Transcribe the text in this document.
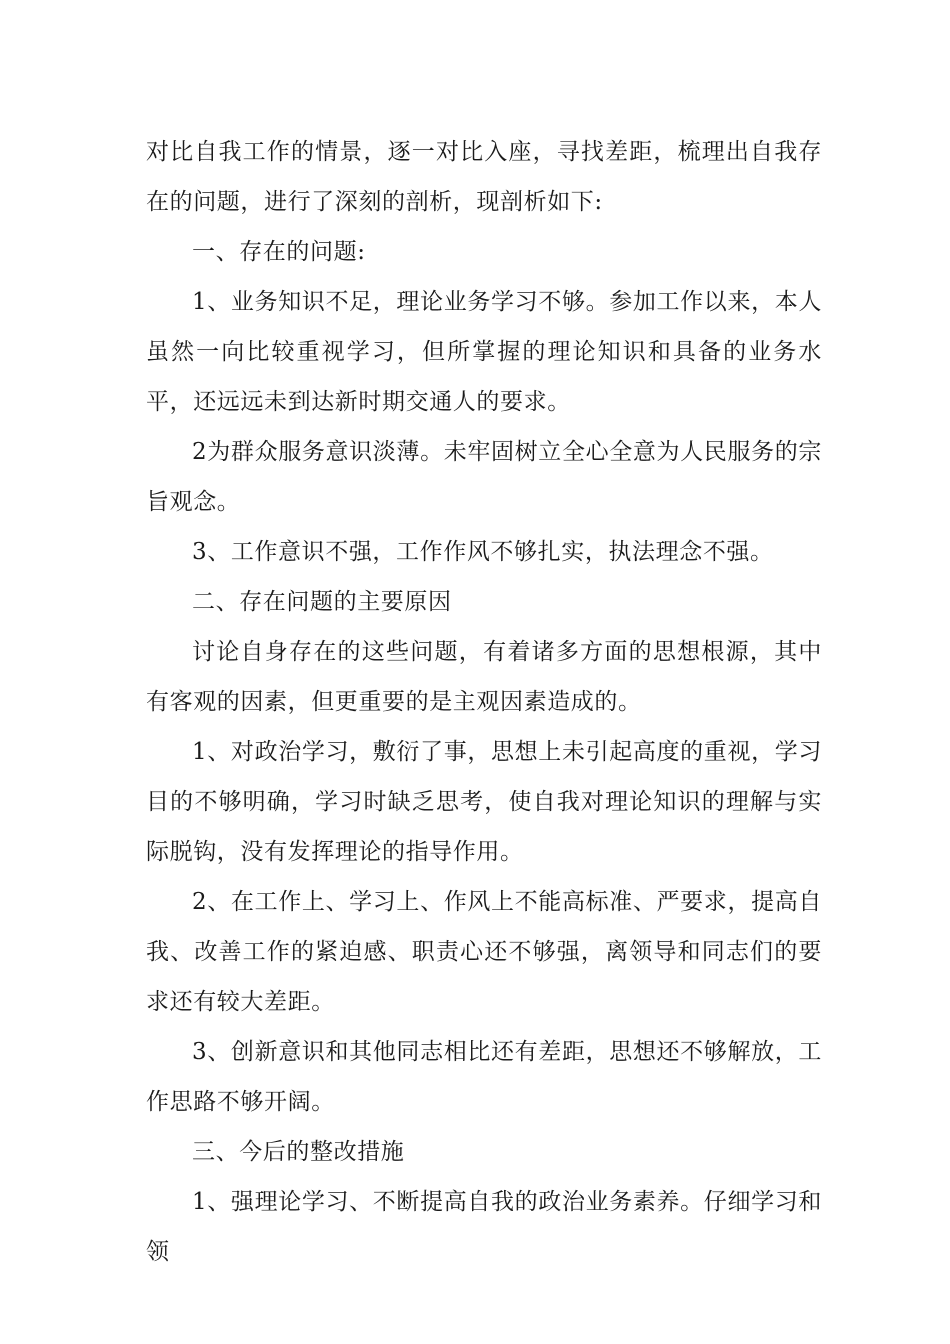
对比自我工作的情景，逐一对比入座，寻找差距，梳理出自我存在的问题，进行了深刻的剖析，现剖析如下:

一、存在的问题:

1、业务知识不足，理论业务学习不够。参加工作以来，本人虽然一向比较重视学习，但所掌握的理论知识和具备的业务水平，还远远未到达新时期交通人的要求。

2为群众服务意识淡薄。未牢固树立全心全意为人民服务的宗旨观念。

3、工作意识不强，工作作风不够扎实，执法理念不强。

二、存在问题的主要原因

讨论自身存在的这些问题，有着诸多方面的思想根源，其中有客观的因素，但更重要的是主观因素造成的。

1、对政治学习，敷衍了事，思想上未引起高度的重视，学习目的不够明确，学习时缺乏思考，使自我对理论知识的理解与实际脱钩，没有发挥理论的指导作用。

2、在工作上、学习上、作风上不能高标准、严要求，提高自我、改善工作的紧迫感、职责心还不够强，离领导和同志们的要求还有较大差距。

3、创新意识和其他同志相比还有差距，思想还不够解放，工作思路不够开阔。

三、今后的整改措施

1、强理论学习、不断提高自我的政治业务素养。仔细学习和领
